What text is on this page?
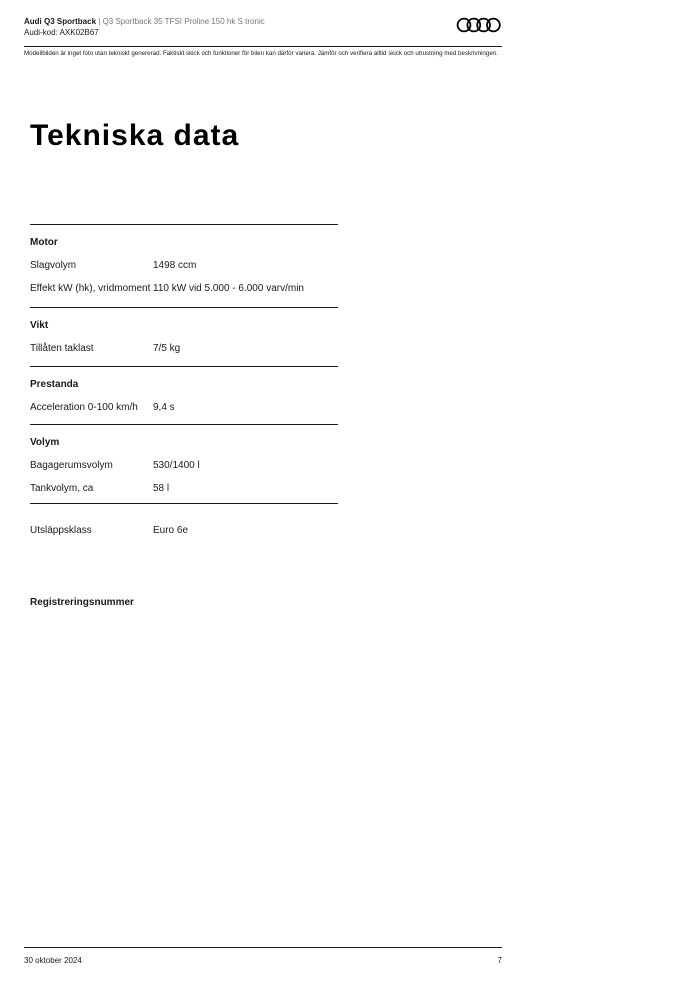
Audi Q3 Sportback | Q3 Sportback 35 TFSI Proline 150 hk S tronic
Audi-kod: AXK02B67
Modellbilden är inget foto utan tekniskt genererad. Faktiskt skick och funktioner för bilen kan därför variera. Jämför och verifiera alltid skick och utrustning med beskrivningen.
Tekniska data
Motor
Slagvolym	1498 ccm
Effekt kW (hk), vridmoment 110 kW vid 5.000 - 6.000 varv/min
Vikt
Tillåten taklast	7/5 kg
Prestanda
Acceleration 0-100 km/h	9,4 s
Volym
Bagagerumsvolym	530/1400 l
Tankvolym, ca	58 l
Utsläppsklass	Euro 6e
Registreringsnummer
30 oktober 2024	7
